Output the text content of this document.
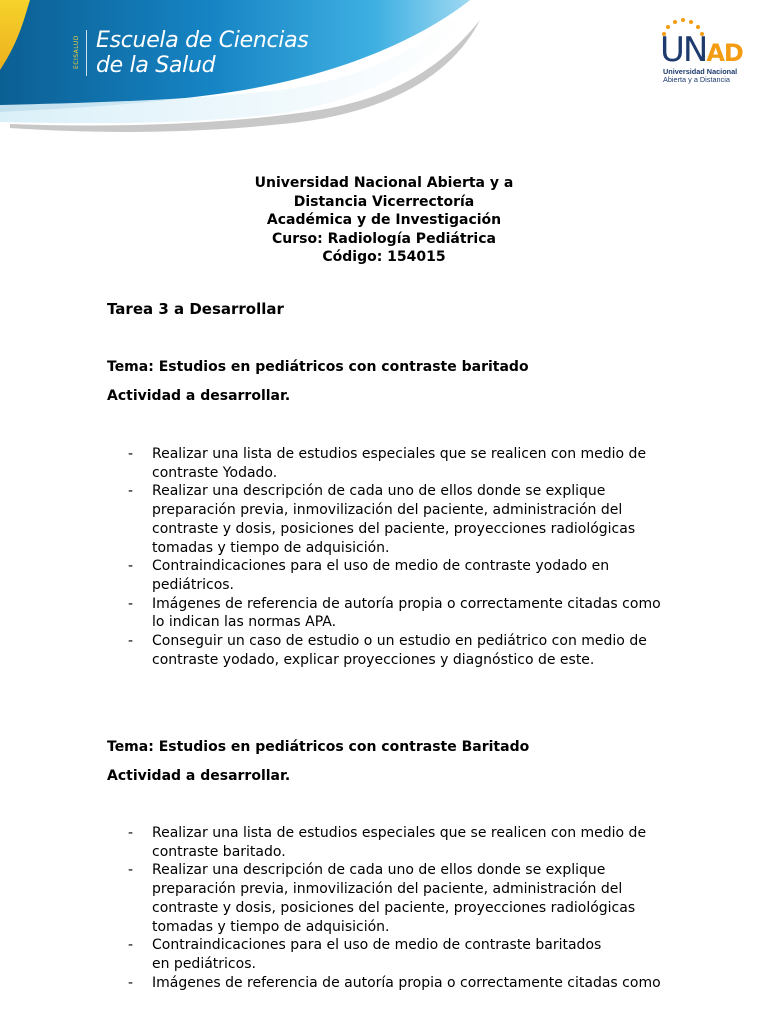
ECISALUD Escuela de Ciencias
de la Salud	UNAD
Universidad Nacional
Abierta y a Distancia
Universidad Nacional Abierta y a
Distancia Vicerrectoría
Académica y de Investigación
Curso: Radiología Pediátrica
Código: 154015
Tarea 3 a Desarrollar
Tema: Estudios en pediátricos con contraste baritado
Actividad a desarrollar.
- Realizar una lista de estudios especiales que se realicen con medio de
contraste Yodado.
- Realizar una descripción de cada uno de ellos donde se explique
preparación previa, inmovilización del paciente, administración del
contraste y dosis, posiciones del paciente, proyecciones radiológicas
tomadas y tiempo de adquisición.
- Contraindicaciones para el uso de medio de contraste yodado en
pediátricos.
- Imágenes de referencia de autoría propia o correctamente citadas como
lo indican las normas APA.
- Conseguir un caso de estudio o un estudio en pediátrico con medio de
contraste yodado, explicar proyecciones y diagnóstico de este.
Tema: Estudios en pediátricos con contraste Baritado
Actividad a desarrollar.
- Realizar una lista de estudios especiales que se realicen con medio de
contraste baritado.
- Realizar una descripción de cada uno de ellos donde se explique
preparación previa, inmovilización del paciente, administración del
contraste y dosis, posiciones del paciente, proyecciones radiológicas
tomadas y tiempo de adquisición.
- Contraindicaciones para el uso de medio de contraste baritados
en pediátricos.
- Imágenes de referencia de autoría propia o correctamente citadas como
